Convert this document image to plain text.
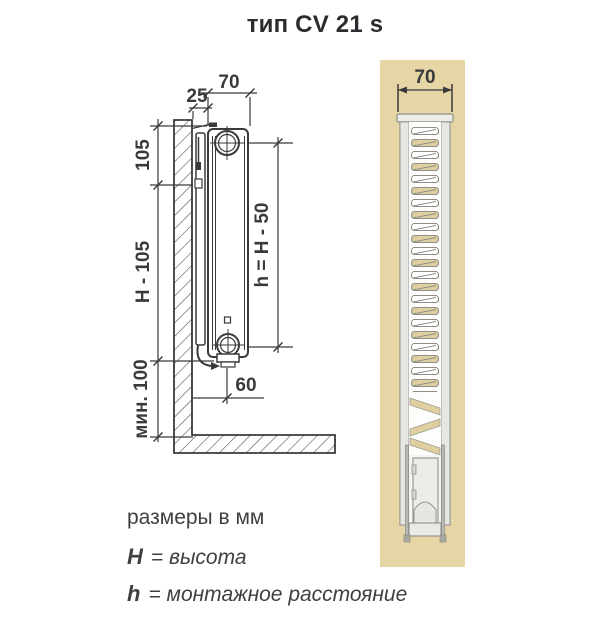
тип CV 21 s
70
70
25
105
H - 105
мин. 100
h = H - 50
60
размеры в мм
H = высота
h = монтажное расстояние
